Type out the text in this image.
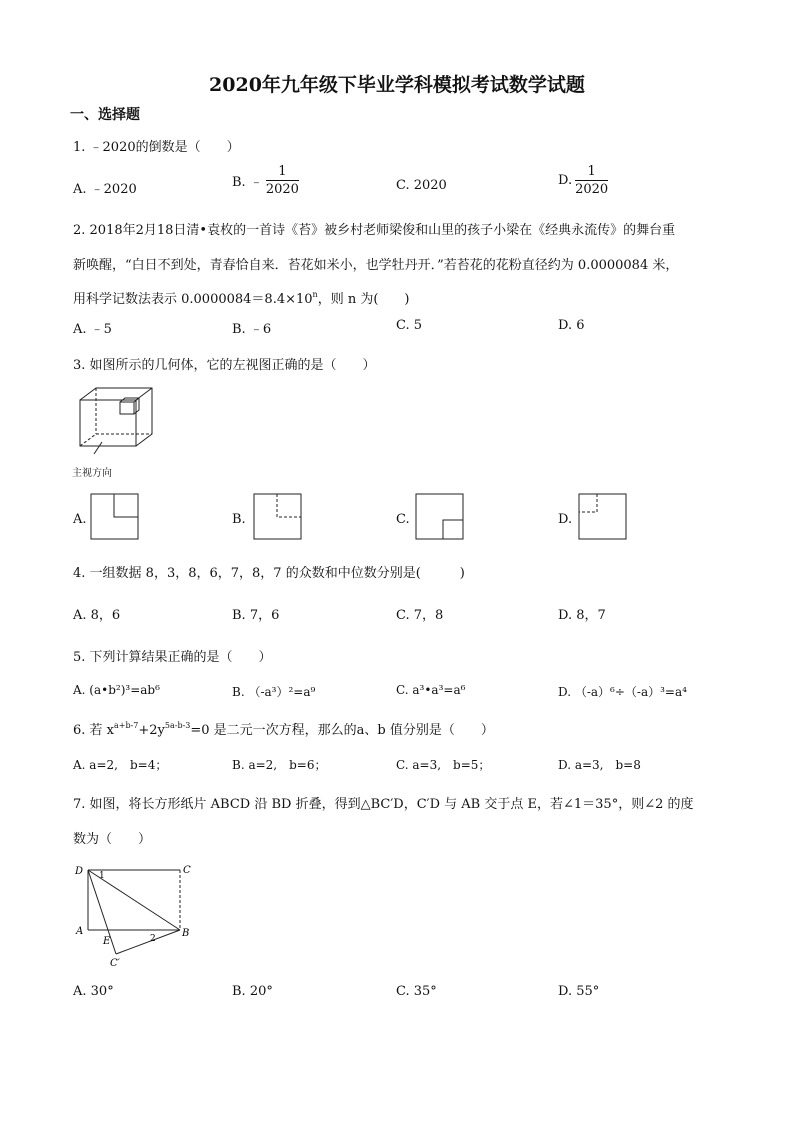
2020年九年级下毕业学科模拟考试数学试题
一、选择题
1. ﹣2020的倒数是（　　）
A. ﹣2020	B. ﹣ $\frac{1}{2020}$	C. 2020	D. $\frac{1}{2020}$
2. 2018年2月18日清•袁枚的一首诗《苔》被乡村老师梁俊和山里的孩子小梁在《经典永流传》的舞台重
新唤醒，“白日不到处，青春恰自来．苔花如米小，也学牡丹开．”若苔花的花粉直径约为 0.0000084 米，
用科学记数法表示 $0.0000084=8.4\times 10^n$，则 n 为(　　)
A. ﹣5	B. ﹣6	C. 5	D. 6
3. 如图所示的几何体，它的左视图正确的是（　　）
主视方向
A.	B.	C.	D.
4. 一组数据 8，3，8，6，7，8，7 的众数和中位数分别是(　　　)
A. 8，6	B. 7，6	C. 7，8	D. 8，7
5. 下列计算结果正确的是（　　）
A. (a•b²)³=ab⁶	B. （-a³）²=a⁹	C. a³•a³=a⁶	D. （-a）⁶÷（-a）³=a⁴
6. 若 $x^{a+b-7}+2y^{5a-b-3}=0$ 是二元一次方程，那么的a、b 值分别是（　　）
A. a=2,　b=4；	B. a=2,　b=6；	C. a=3,　b=5；	D. a=3,　b=8
7. 如图，将长方形纸片 ABCD 沿 BD 折叠，得到△BC′D，C′D 与 AB 交于点 E，若∠1＝35°，则∠2 的度
数为（　　）
D	C
A
E
B
C′
1
2
A. 30°	B. 20°	C. 35°	D. 55°
